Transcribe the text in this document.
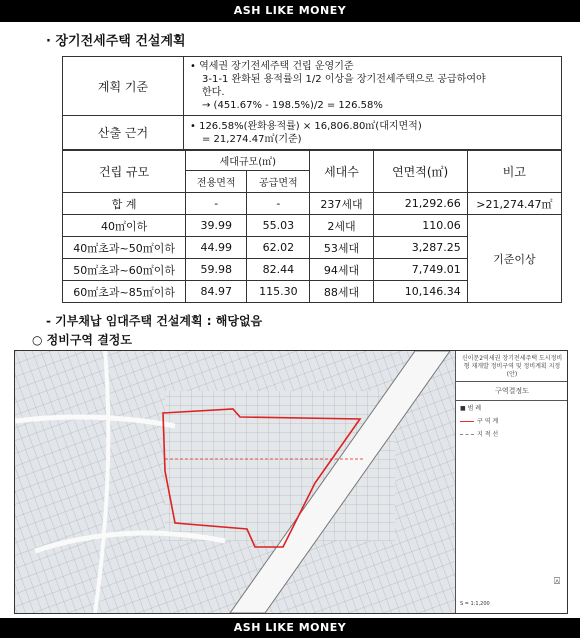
ASH LIKE MONEY
· 장기전세주택 건설계획
계획 기준	• 역세권 장기전세주택 건립 운영기준
3-1-1 완화된 용적률의 1/2 이상을 장기전세주택으로 공급하여야
한다.
→ (451.67% - 198.5%)/2 = 126.58%

산출 근거	• 126.58%(완화용적률) × 16,806.80㎡(대지면적)
= 21,274.47㎡(기준)
건립 규모	세대규모(㎡)		세대수	연면적(㎡)	비고
	전용면적	공급면적			
합 계	-	-	237세대	21,292.66	>21,274.47㎡
40㎡이하	39.99	55.03	2세대	110.06	기준이상
40㎡초과~50㎡이하	44.99	62.02	53세대	3,287.25	
50㎡초과~60㎡이하	59.98	82.44	94세대	7,749.01	
60㎡초과~85㎡이하	84.97	115.30	88세대	10,146.34	
- 기부채납 임대주택 건설계획 : 해당없음
○ 정비구역 결정도
신이문2역세권 장기전세주택 도시정비형 재개발 정비구역 및 정비계획 지정(안)
구역결정도
■ 범 례
구 역 계
지 적 선
⍓
S = 1:1,200
ASH LIKE MONEY
